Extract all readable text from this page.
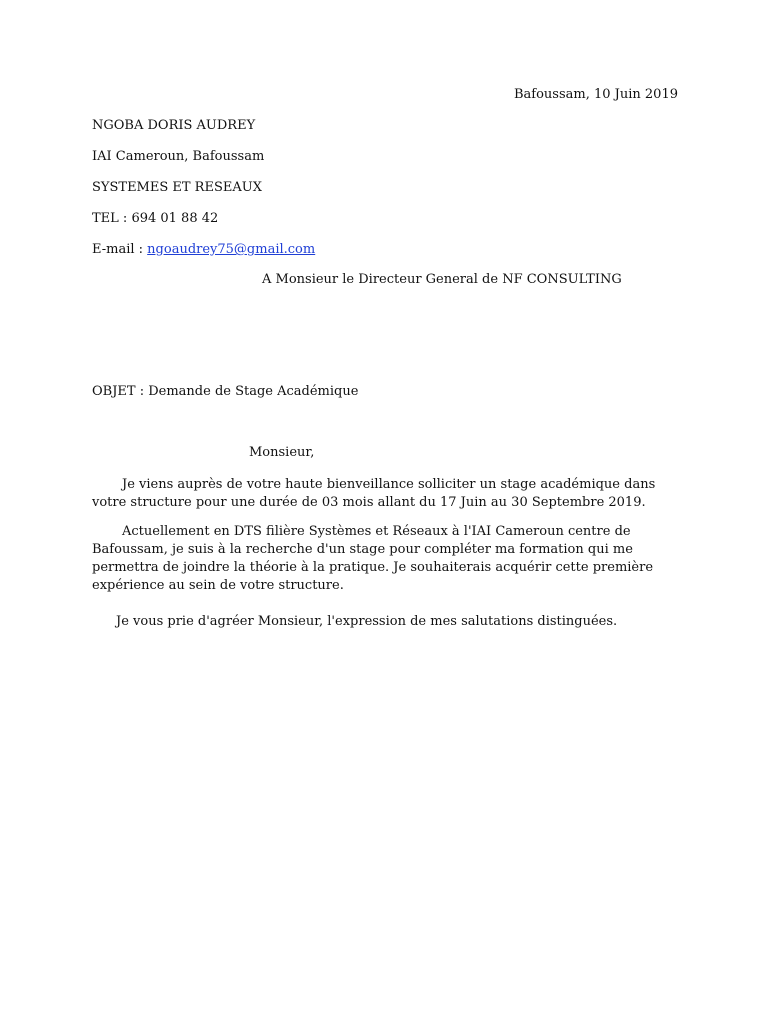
Bafoussam, 10 Juin 2019
NGOBA DORIS AUDREY
IAI Cameroun, Bafoussam
SYSTEMES ET RESEAUX
TEL : 694 01 88 42
E-mail : ngoaudrey75@gmail.com
A Monsieur le Directeur General de NF CONSULTING
OBJET : Demande de Stage Académique
Monsieur,
Je viens auprès de votre haute bienveillance solliciter un stage académique dans votre structure pour une durée de 03 mois allant du 17 Juin au 30 Septembre 2019.
Actuellement en DTS filière Systèmes et Réseaux à l'IAI Cameroun centre de Bafoussam, je suis à la recherche d'un stage pour compléter ma formation qui me permettra de joindre la théorie à la pratique. Je souhaiterais acquérir cette première expérience au sein de votre structure.
Je vous prie d'agréer Monsieur, l'expression de mes salutations distinguées.
